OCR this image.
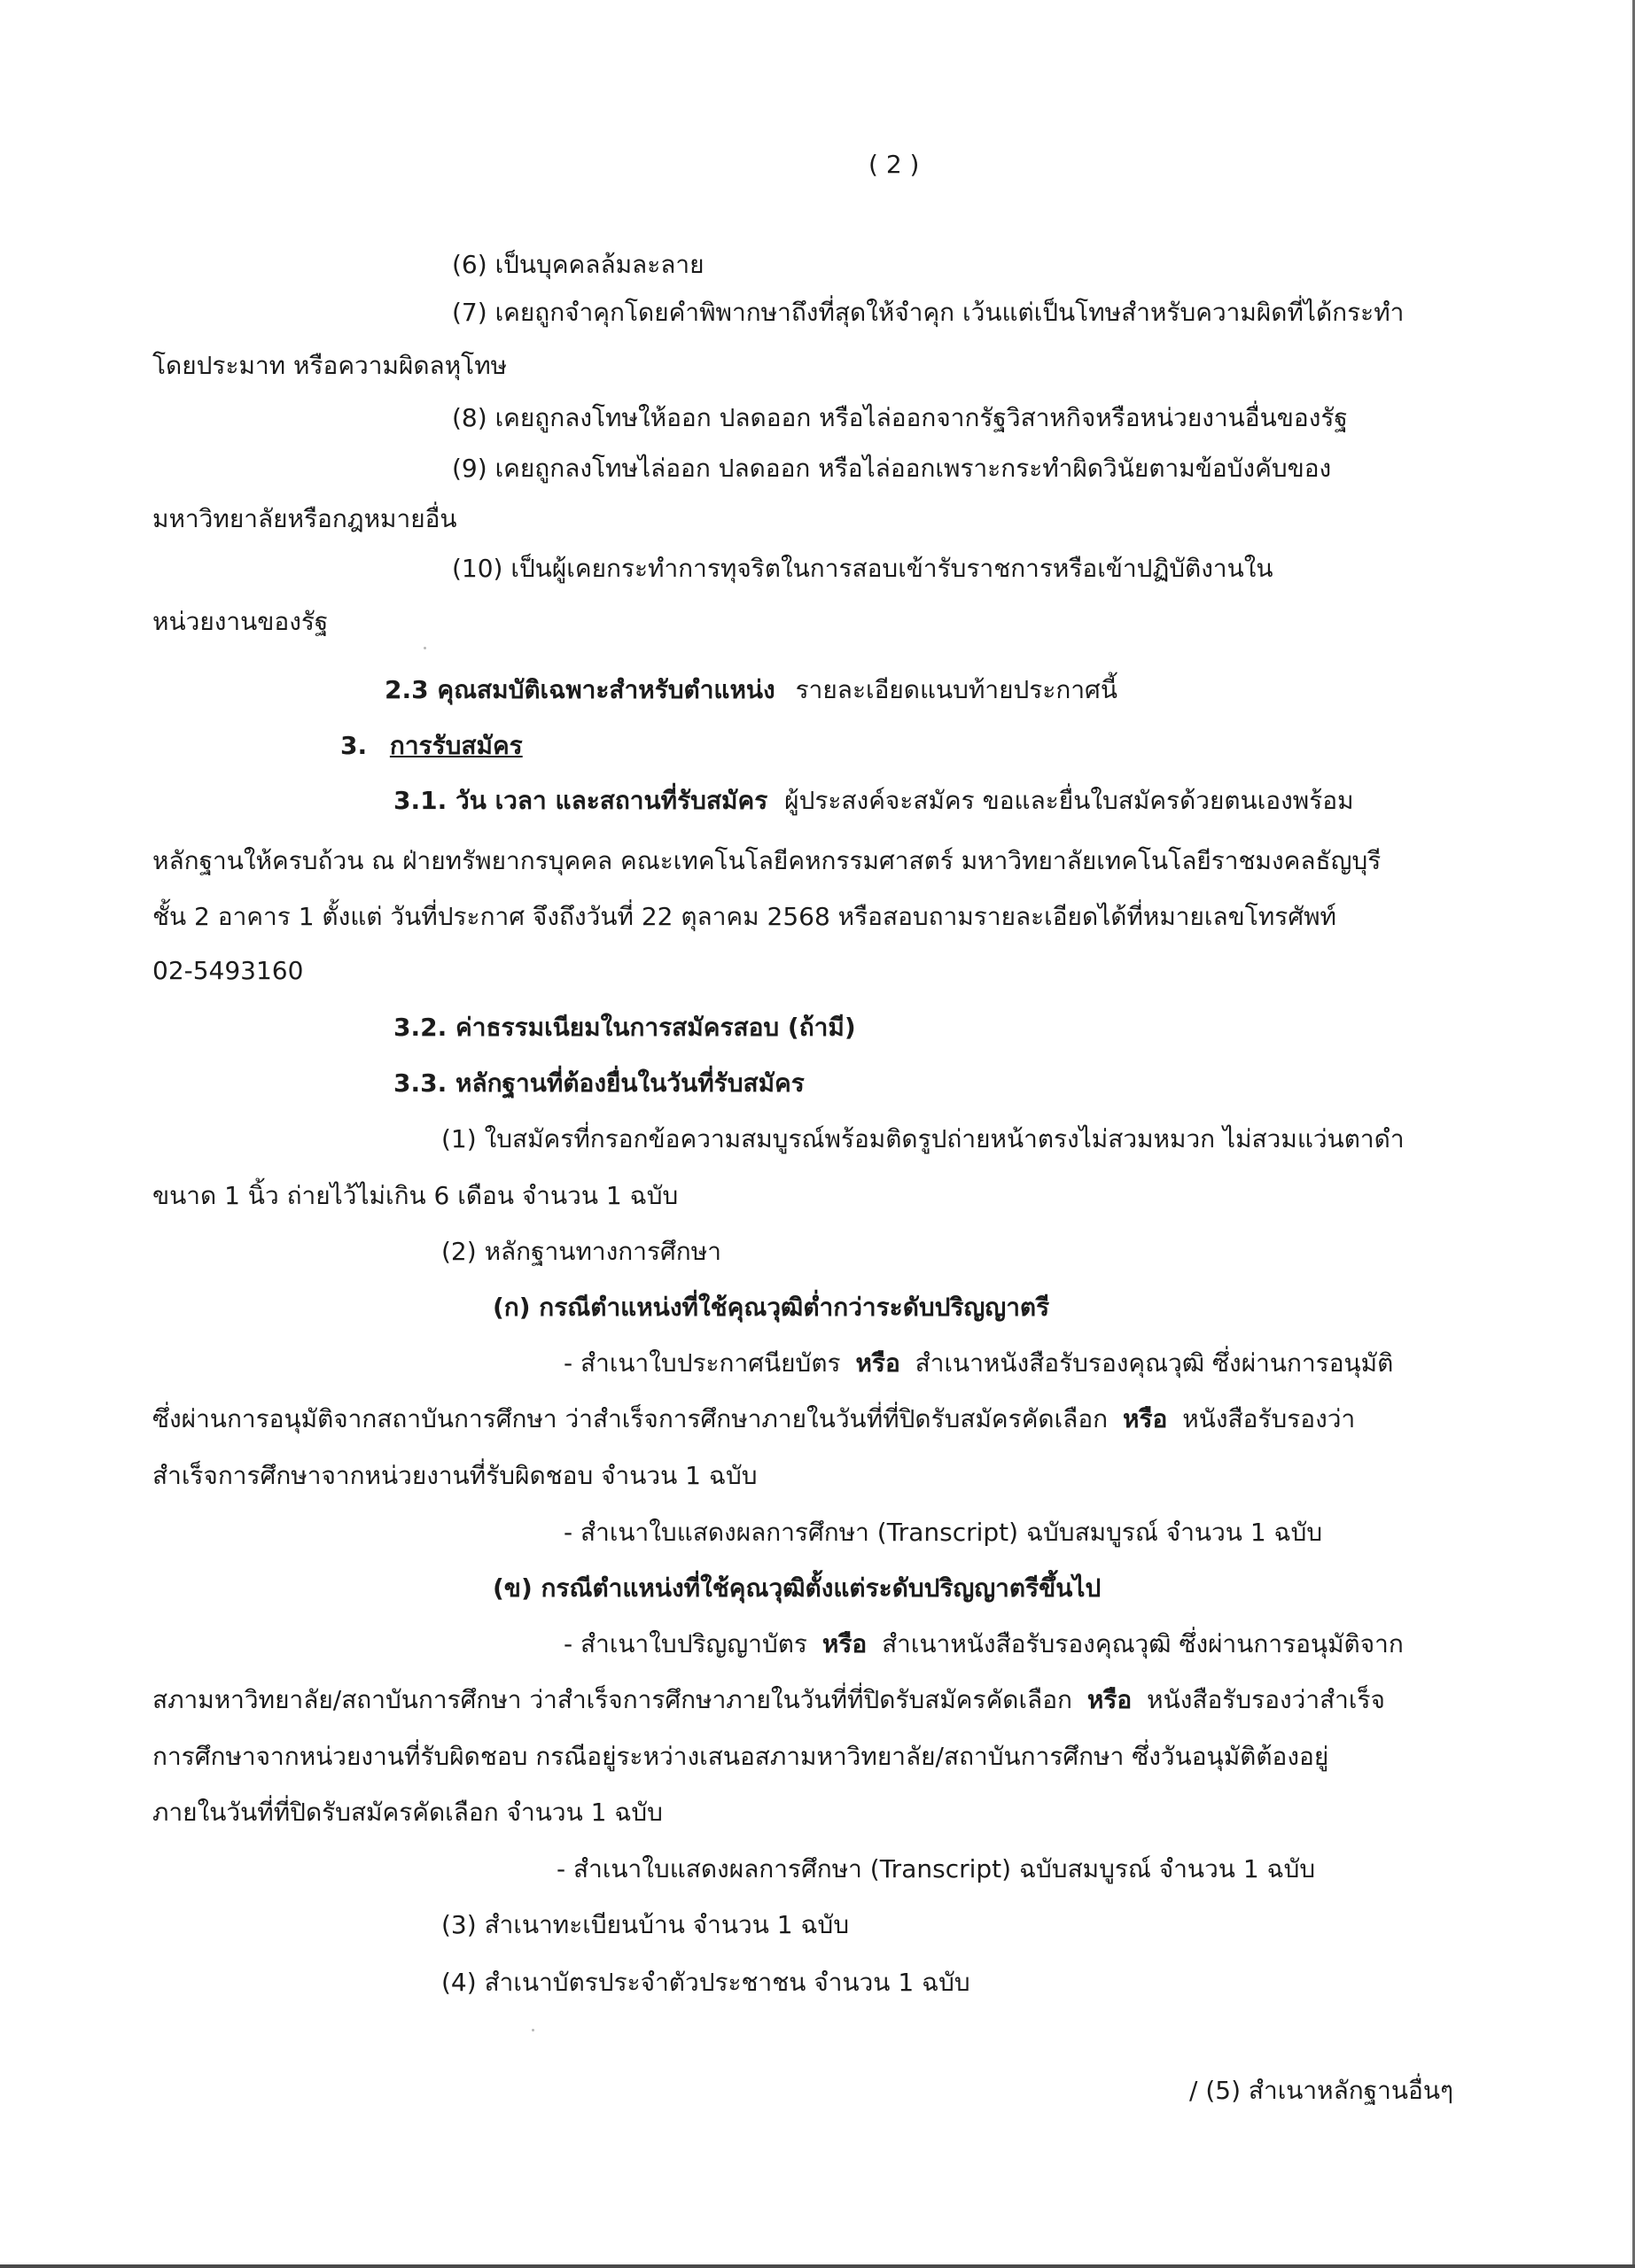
( 2 )
(6) เป็นบุคคลล้มละลาย
(7) เคยถูกจำคุกโดยคำพิพากษาถึงที่สุดให้จำคุก เว้นแต่เป็นโทษสำหรับความผิดที่ได้กระทำ
โดยประมาท หรือความผิดลหุโทษ
(8) เคยถูกลงโทษให้ออก ปลดออก หรือไล่ออกจากรัฐวิสาหกิจหรือหน่วยงานอื่นของรัฐ
(9) เคยถูกลงโทษไล่ออก ปลดออก หรือไล่ออกเพราะกระทำผิดวินัยตามข้อบังคับของ
มหาวิทยาลัยหรือกฎหมายอื่น
(10) เป็นผู้เคยกระทำการทุจริตในการสอบเข้ารับราชการหรือเข้าปฏิบัติงานใน
หน่วยงานของรัฐ
2.3 คุณสมบัติเฉพาะสำหรับตำแหน่ง รายละเอียดแนบท้ายประกาศนี้
3. การรับสมัคร
3.1. วัน เวลา และสถานที่รับสมัคร ผู้ประสงค์จะสมัคร ขอและยื่นใบสมัครด้วยตนเองพร้อม
หลักฐานให้ครบถ้วน ณ ฝ่ายทรัพยากรบุคคล คณะเทคโนโลยีคหกรรมศาสตร์ มหาวิทยาลัยเทคโนโลยีราชมงคลธัญบุรี
ชั้น 2 อาคาร 1 ตั้งแต่ วันที่ประกาศ จึงถึงวันที่ 22 ตุลาคม 2568 หรือสอบถามรายละเอียดได้ที่หมายเลขโทรศัพท์
02-5493160
3.2. ค่าธรรมเนียมในการสมัครสอบ (ถ้ามี)
3.3. หลักฐานที่ต้องยื่นในวันที่รับสมัคร
(1) ใบสมัครที่กรอกข้อความสมบูรณ์พร้อมติดรูปถ่ายหน้าตรงไม่สวมหมวก ไม่สวมแว่นตาดำ
ขนาด 1 นิ้ว ถ่ายไว้ไม่เกิน 6 เดือน จำนวน 1 ฉบับ
(2) หลักฐานทางการศึกษา
(ก) กรณีตำแหน่งที่ใช้คุณวุฒิต่ำกว่าระดับปริญญาตรี
- สำเนาใบประกาศนียบัตร หรือ สำเนาหนังสือรับรองคุณวุฒิ ซึ่งผ่านการอนุมัติ
ซึ่งผ่านการอนุมัติจากสถาบันการศึกษา ว่าสำเร็จการศึกษาภายในวันที่ที่ปิดรับสมัครคัดเลือก หรือ หนังสือรับรองว่า
สำเร็จการศึกษาจากหน่วยงานที่รับผิดชอบ จำนวน 1 ฉบับ
- สำเนาใบแสดงผลการศึกษา (Transcript) ฉบับสมบูรณ์ จำนวน 1 ฉบับ
(ข) กรณีตำแหน่งที่ใช้คุณวุฒิตั้งแต่ระดับปริญญาตรีขึ้นไป
- สำเนาใบปริญญาบัตร หรือ สำเนาหนังสือรับรองคุณวุฒิ ซึ่งผ่านการอนุมัติจาก
สภามหาวิทยาลัย/สถาบันการศึกษา ว่าสำเร็จการศึกษาภายในวันที่ที่ปิดรับสมัครคัดเลือก หรือ หนังสือรับรองว่าสำเร็จ
การศึกษาจากหน่วยงานที่รับผิดชอบ กรณีอยู่ระหว่างเสนอสภามหาวิทยาลัย/สถาบันการศึกษา ซึ่งวันอนุมัติต้องอยู่
ภายในวันที่ที่ปิดรับสมัครคัดเลือก จำนวน 1 ฉบับ
- สำเนาใบแสดงผลการศึกษา (Transcript) ฉบับสมบูรณ์ จำนวน 1 ฉบับ
(3) สำเนาทะเบียนบ้าน จำนวน 1 ฉบับ
(4) สำเนาบัตรประจำตัวประชาชน จำนวน 1 ฉบับ
/ (5) สำเนาหลักฐานอื่นๆ
